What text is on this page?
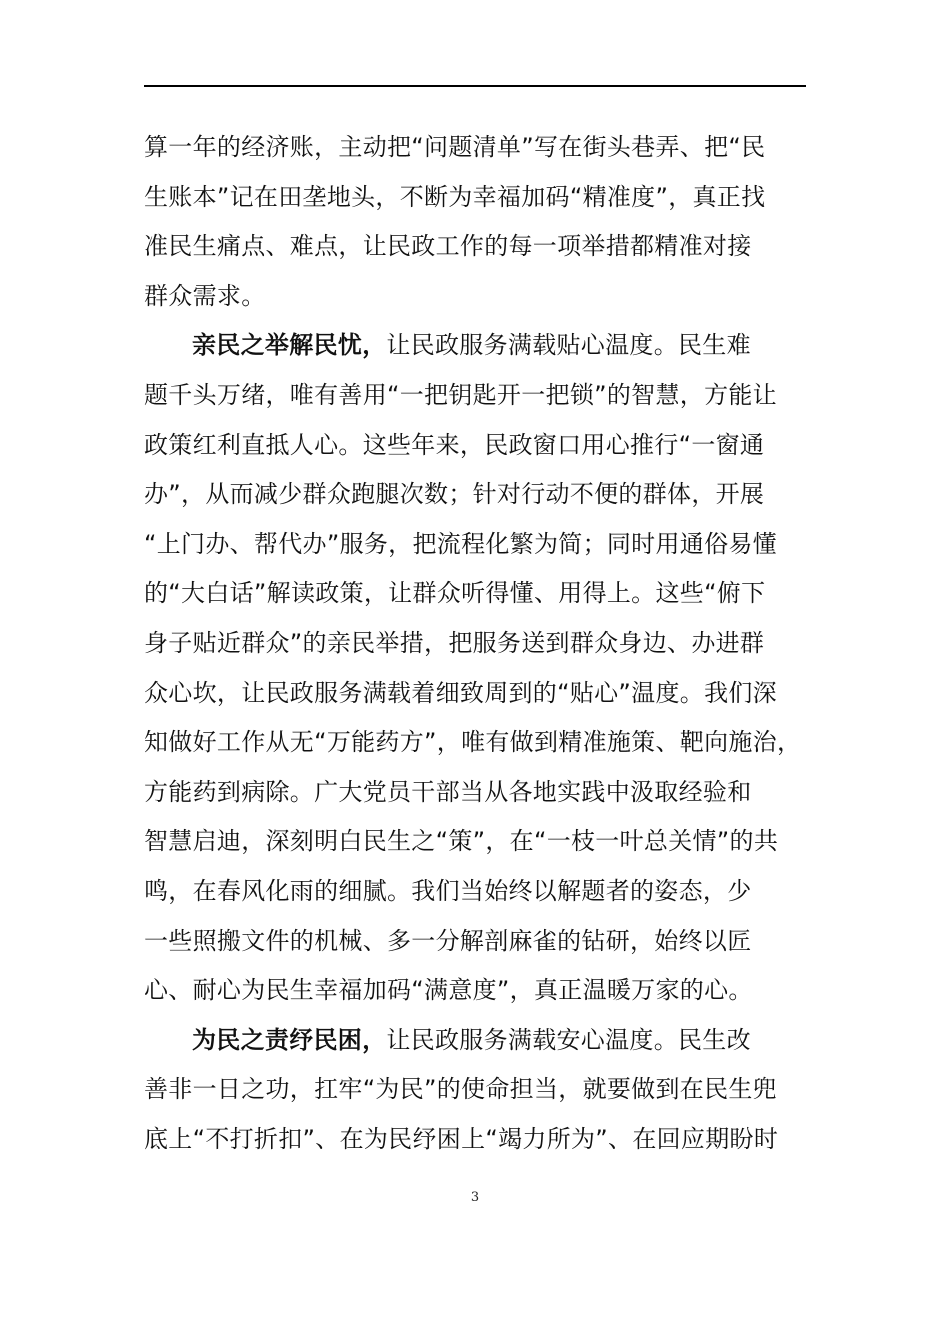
算一年的经济账，主动把“问题清单”写在街头巷弄、把“民
生账本”记在田垄地头，不断为幸福加码“精准度”，真正找
准民生痛点、难点，让民政工作的每一项举措都精准对接
群众需求。
亲民之举解民忧，让民政服务满载贴心温度。民生难
题千头万绪，唯有善用“一把钥匙开一把锁”的智慧，方能让
政策红利直抵人心。这些年来，民政窗口用心推行“一窗通
办”，从而减少群众跑腿次数；针对行动不便的群体，开展
“上门办、帮代办”服务，把流程化繁为简；同时用通俗易懂
的“大白话”解读政策，让群众听得懂、用得上。这些“俯下
身子贴近群众”的亲民举措，把服务送到群众身边、办进群
众心坎，让民政服务满载着细致周到的“贴心”温度。我们深
知做好工作从无“万能药方”，唯有做到精准施策、靶向施治，
方能药到病除。广大党员干部当从各地实践中汲取经验和
智慧启迪，深刻明白民生之“策”，在“一枝一叶总关情”的共
鸣，在春风化雨的细腻。我们当始终以解题者的姿态，少
一些照搬文件的机械、多一分解剖麻雀的钻研，始终以匠
心、耐心为民生幸福加码“满意度”，真正温暖万家的心。
为民之责纾民困，让民政服务满载安心温度。民生改
善非一日之功，扛牢“为民”的使命担当，就要做到在民生兜
底上“不打折扣”、在为民纾困上“竭力所为”、在回应期盼时
3
